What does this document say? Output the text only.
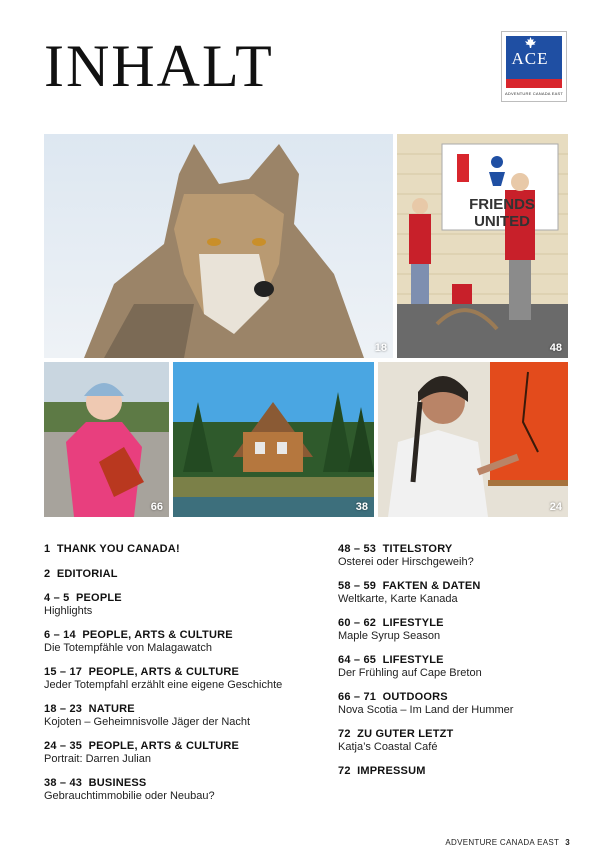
INHALT	ACE
ADVENTURE CANADA EAST
18
FRIENDS UNITED
48
66	38	24
1 THANK YOU CANADA!
2 EDITORIAL
4 – 5 PEOPLE
Highlights
6 – 14 PEOPLE, ARTS & CULTURE
Die Totempfähle von Malagawatch
15 – 17 PEOPLE, ARTS & CULTURE
Jeder Totempfahl erzählt eine eigene Geschichte
18 – 23 NATURE
Kojoten – Geheimnisvolle Jäger der Nacht
24 – 35 PEOPLE, ARTS & CULTURE
Portrait: Darren Julian
38 – 43 BUSINESS
Gebrauchtimmobilie oder Neubau?
48 – 53 TITELSTORY
Osterei oder Hirschgeweih?
58 – 59 FAKTEN & DATEN
Weltkarte, Karte Kanada
60 – 62 LIFESTYLE
Maple Syrup Season
64 – 65 LIFESTYLE
Der Frühling auf Cape Breton
66 – 71 OUTDOORS
Nova Scotia – Im Land der Hummer
72 ZU GUTER LETZT
Katja’s Coastal Café
72 IMPRESSUM
ADVENTURE CANADA EAST 3
